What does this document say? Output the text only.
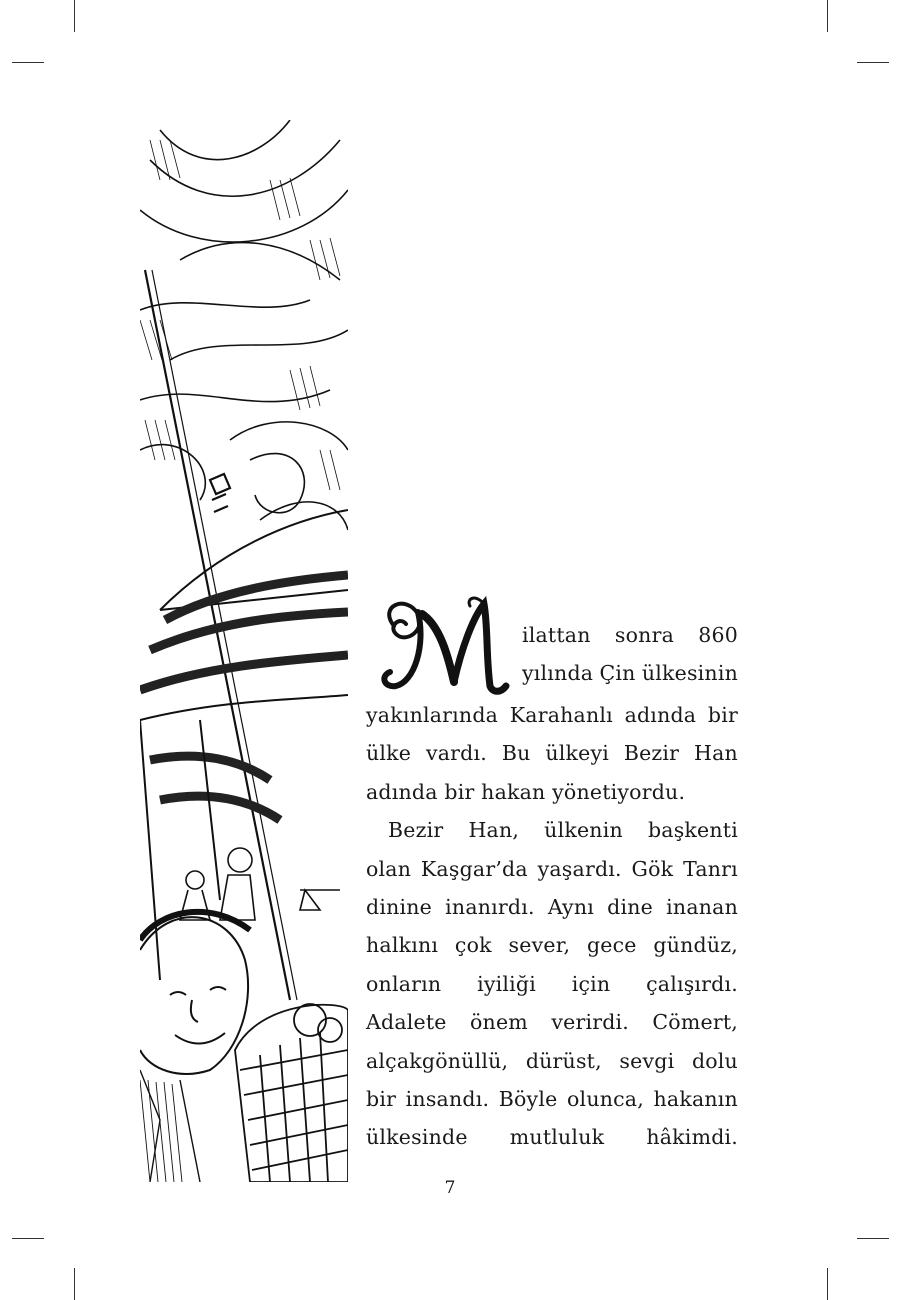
ilattan sonra 860
yılında Çin ülkesinin
yakınlarında Karahanlı adında bir
ülke vardı. Bu ülkeyi Bezir Han
adında bir hakan yönetiyordu.

Bezir Han, ülkenin başkenti
olan Kaşgar’da yaşardı. Gök Tanrı
dinine inanırdı. Aynı dine inanan
halkını çok sever, gece gündüz,
onların iyiliği için çalışırdı.
Adalete önem verirdi. Cömert,
alçakgönüllü, dürüst, sevgi dolu
bir insandı. Böyle olunca, hakanın
ülkesinde mutluluk hâkimdi.

7
